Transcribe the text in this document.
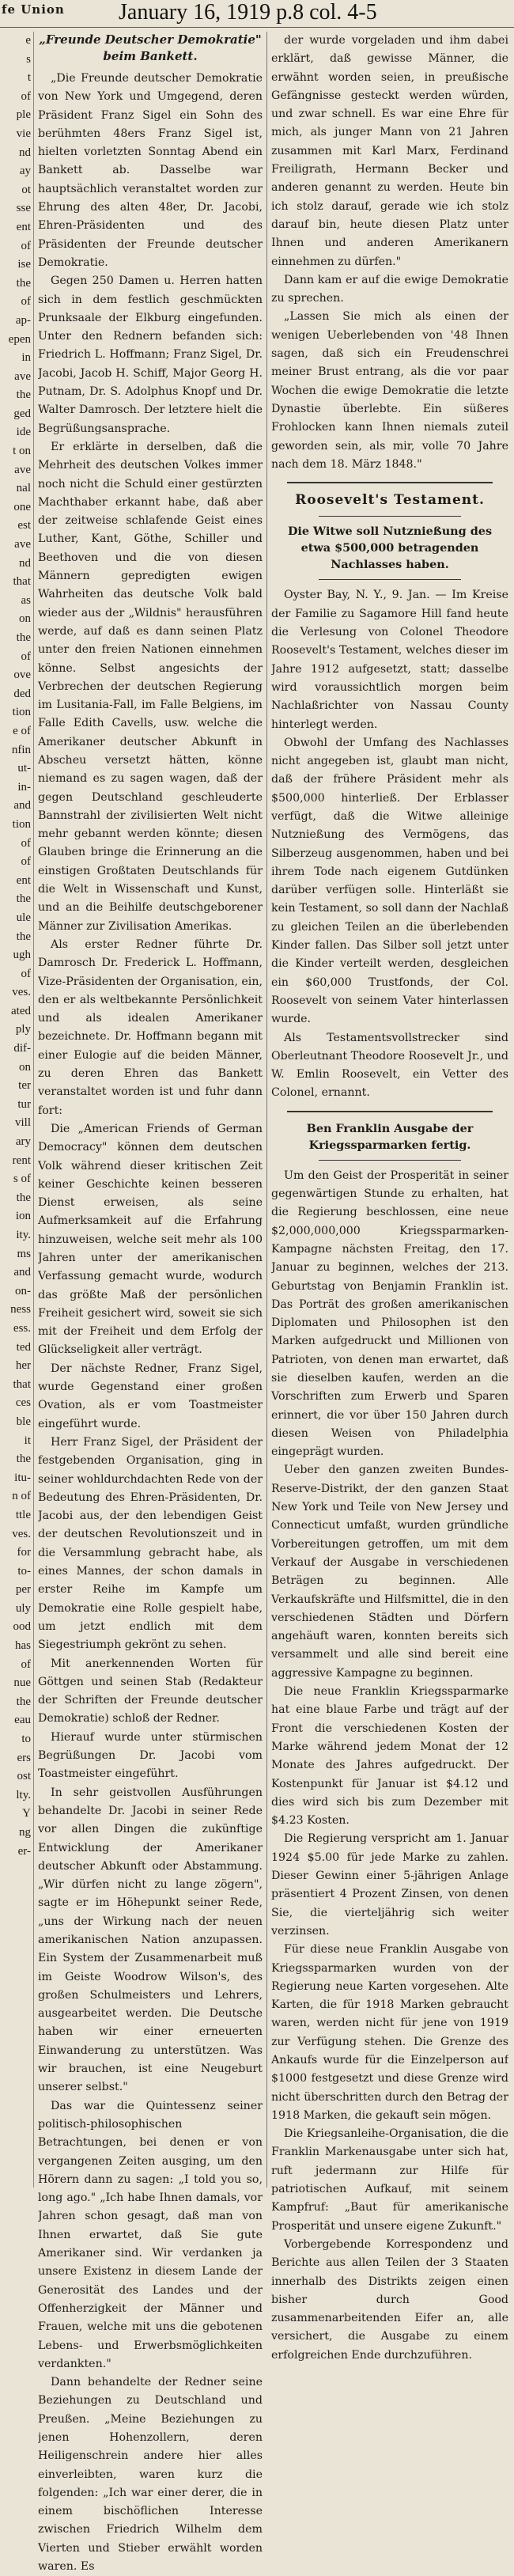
fe Union January 16, 1919 p.8 col. 4-5
e
s
t
of
ple
vie
nd
ay
ot
sse
ent
of
ise
the
of
ap-
epen
in
ave
the
ged
ide
t on
ave
nal
one
est
ave
nd
that
as
on
the
of
ove
ded
tion
e of
nfin
ut-
in-
and
tion
of
of
ent
the
ule
the
ugh
of
ves.
ated
ply
dif-
on
ter
tur
vill
ary
rent
s of
the
ion
ity.
ms
and
on-
ness
ess.
ted
her
that
ces
ble
it
the
itu-
n of
ttle
ves.
for
to-
per
uly
ood
has
of
nue
the
eau
to
ers
ost
lty.
Y
ng
er-
„Freunde Deutscher Demokratie" beim Bankett.

„Die Freunde deutscher Demokratie von New York und Umgegend, deren Präsident Franz Sigel ein Sohn des berühmten 48ers Franz Sigel ist, hielten vorletzten Sonntag Abend ein Bankett ab. Dasselbe war hauptsächlich veranstaltet worden zur Ehrung des alten 48er, Dr. Jacobi, Ehren-Präsidenten und des Präsidenten der Freunde deutscher Demokratie.

Gegen 250 Damen u. Herren hatten sich in dem festlich geschmückten Prunksaale der Elkburg eingefunden. Unter den Rednern befanden sich: Friedrich L. Hoffmann; Franz Sigel, Dr. Jacobi, Jacob H. Schiff, Major Georg H. Putnam, Dr. S. Adolphus Knopf und Dr. Walter Damrosch. Der letztere hielt die Begrüßungsansprache.

Er erklärte in derselben, daß die Mehrheit des deutschen Volkes immer noch nicht die Schuld einer gestürzten Machthaber erkannt habe, daß aber der zeitweise schlafende Geist eines Luther, Kant, Göthe, Schiller und Beethoven und die von diesen Männern gepredigten ewigen Wahrheiten das deutsche Volk bald wieder aus der „Wildnis" herausführen werde, auf daß es dann seinen Platz unter den freien Nationen einnehmen könne. Selbst angesichts der Verbrechen der deutschen Regierung im Lusitania-Fall, im Falle Belgiens, im Falle Edith Cavells, usw. welche die Amerikaner deutscher Abkunft in Abscheu versetzt hätten, könne niemand es zu sagen wagen, daß der gegen Deutschland geschleuderte Bannstrahl der zivilisierten Welt nicht mehr gebannt werden könnte; diesen Glauben bringe die Erinnerung an die einstigen Großtaten Deutschlands für die Welt in Wissenschaft und Kunst, und an die Beihilfe deutschgeborener Männer zur Zivilisation Amerikas.

Als erster Redner führte Dr. Damrosch Dr. Frederick L. Hoffmann, Vize-Präsidenten der Organisation, ein, den er als weltbekannte Persönlichkeit und als idealen Amerikaner bezeichnete. Dr. Hoffmann begann mit einer Eulogie auf die beiden Männer, zu deren Ehren das Bankett veranstaltet worden ist und fuhr dann fort:

Die „American Friends of German Democracy" können dem deutschen Volk während dieser kritischen Zeit keiner Geschichte keinen besseren Dienst erweisen, als seine Aufmerksamkeit auf die Erfahrung hinzuweisen, welche seit mehr als 100 Jahren unter der amerikanischen Verfassung gemacht wurde, wodurch das größte Maß der persönlichen Freiheit gesichert wird, soweit sie sich mit der Freiheit und dem Erfolg der Glückseligkeit aller verträgt.

Der nächste Redner, Franz Sigel, wurde Gegenstand einer großen Ovation, als er vom Toastmeister eingeführt wurde.

Herr Franz Sigel, der Präsident der festgebenden Organisation, ging in seiner wohldurchdachten Rede von der Bedeutung des Ehren-Präsidenten, Dr. Jacobi aus, der den lebendigen Geist der deutschen Revolutionszeit und in die Versammlung gebracht habe, als eines Mannes, der schon damals in erster Reihe im Kampfe um Demokratie eine Rolle gespielt habe, um jetzt endlich mit dem Siegestriumph gekrönt zu sehen.

Mit anerkennenden Worten für Göttgen und seinen Stab (Redakteur der Schriften der Freunde deutscher Demokratie) schloß der Redner.

Hierauf wurde unter stürmischen Begrüßungen Dr. Jacobi vom Toastmeister eingeführt.

In sehr geistvollen Ausführungen behandelte Dr. Jacobi in seiner Rede vor allen Dingen die zukünftige Entwicklung der Amerikaner deutscher Abkunft oder Abstammung. „Wir dürfen nicht zu lange zögern", sagte er im Höhepunkt seiner Rede, „uns der Wirkung nach der neuen amerikanischen Nation anzupassen. Ein System der Zusammenarbeit muß im Geiste Woodrow Wilson's, des großen Schulmeisters und Lehrers, ausgearbeitet werden. Die Deutsche haben wir einer erneuerten Einwanderung zu unterstützen. Was wir brauchen, ist eine Neugeburt unserer selbst."

Das war die Quintessenz seiner politisch-philosophischen Betrachtungen, bei denen er von vergangenen Zeiten ausging, um den Hörern dann zu sagen: „I told you so, long ago." „Ich habe Ihnen damals, vor Jahren schon gesagt, daß man von Ihnen erwartet, daß Sie gute Amerikaner sind. Wir verdanken ja unsere Existenz in diesem Lande der Generosität des Landes und der Offenherzigkeit der Männer und Frauen, welche mit uns die gebotenen Lebens- und Erwerbsmöglichkeiten verdankten."

Dann behandelte der Redner seine Beziehungen zu Deutschland und Preußen. „Meine Beziehungen zu jenen Hohenzollern, deren Heiligenschrein andere hier alles einverleibten, waren kurz die folgenden: „Ich war einer derer, die in einem bischöflichen Interesse zwischen Friedrich Wilhelm dem Vierten und Stieber erwählt worden waren. Es

der wurde vorgeladen und ihm dabei erklärt, daß gewisse Männer, die erwähnt worden seien, in preußische Gefängnisse gesteckt werden würden, und zwar schnell. Es war eine Ehre für mich, als junger Mann von 21 Jahren zusammen mit Karl Marx, Ferdinand Freiligrath, Hermann Becker und anderen genannt zu werden. Heute bin ich stolz darauf, gerade wie ich stolz darauf bin, heute diesen Platz unter Ihnen und anderen Amerikanern einnehmen zu dürfen."

Dann kam er auf die ewige Demokratie zu sprechen.

„Lassen Sie mich als einen der wenigen Ueberlebenden von '48 Ihnen sagen, daß sich ein Freudenschrei meiner Brust entrang, als die vor paar Wochen die ewige Demokratie die letzte Dynastie überlebte. Ein süßeres Frohlocken kann Ihnen niemals zuteil geworden sein, als mir, volle 70 Jahre nach dem 18. März 1848."

Roosevelt's Testament.
Die Witwe soll Nutznießung des etwa $500,000 betragenden Nachlasses haben.

Oyster Bay, N. Y., 9. Jan. — Im Kreise der Familie zu Sagamore Hill fand heute die Verlesung von Colonel Theodore Roosevelt's Testament, welches dieser im Jahre 1912 aufgesetzt, statt; dasselbe wird voraussichtlich morgen beim Nachlaßrichter von Nassau County hinterlegt werden.

Obwohl der Umfang des Nachlasses nicht angegeben ist, glaubt man nicht, daß der frühere Präsident mehr als $500,000 hinterließ. Der Erblasser verfügt, daß die Witwe alleinige Nutznießung des Vermögens, das Silberzeug ausgenommen, haben und bei ihrem Tode nach eigenem Gutdünken darüber verfügen solle. Hinterläßt sie kein Testament, so soll dann der Nachlaß zu gleichen Teilen an die überlebenden Kinder fallen. Das Silber soll jetzt unter die Kinder verteilt werden, desgleichen ein $60,000 Trustfonds, der Col. Roosevelt von seinem Vater hinterlassen wurde.

Als Testamentsvollstrecker sind Oberleutnant Theodore Roosevelt Jr., und W. Emlin Roosevelt, ein Vetter des Colonel, ernannt.

Ben Franklin Ausgabe der Kriegssparmarken fertig.

Um den Geist der Prosperität in seiner gegenwärtigen Stunde zu erhalten, hat die Regierung beschlossen, eine neue $2,000,000,000 Kriegssparmarken-Kampagne nächsten Freitag, den 17. Januar zu beginnen, welches der 213. Geburtstag von Benjamin Franklin ist. Das Porträt des großen amerikanischen Diplomaten und Philosophen ist den Marken aufgedruckt und Millionen von Patrioten, von denen man erwartet, daß sie dieselben kaufen, werden an die Vorschriften zum Erwerb und Sparen erinnert, die vor über 150 Jahren durch diesen Weisen von Philadelphia eingeprägt wurden.

Ueber den ganzen zweiten Bundes-Reserve-Distrikt, der den ganzen Staat New York und Teile von New Jersey und Connecticut umfaßt, wurden gründliche Vorbereitungen getroffen, um mit dem Verkauf der Ausgabe in verschiedenen Beträgen zu beginnen. Alle Verkaufskräfte und Hilfsmittel, die in den verschiedenen Städten und Dörfern angehäuft waren, konnten bereits sich versammelt und alle sind bereit eine aggressive Kampagne zu beginnen.

Die neue Franklin Kriegssparmarke hat eine blaue Farbe und trägt auf der Front die verschiedenen Kosten der Marke während jedem Monat der 12 Monate des Jahres aufgedruckt. Der Kostenpunkt für Januar ist $4.12 und dies wird sich bis zum Dezember mit $4.23 Kosten.

Die Regierung verspricht am 1. Januar 1924 $5.00 für jede Marke zu zahlen. Dieser Gewinn einer 5-jährigen Anlage präsentiert 4 Prozent Zinsen, von denen Sie, die vierteljährig sich weiter verzinsen.

Für diese neue Franklin Ausgabe von Kriegssparmarken wurden von der Regierung neue Karten vorgesehen. Alte Karten, die für 1918 Marken gebraucht waren, werden nicht für jene von 1919 zur Verfügung stehen. Die Grenze des Ankaufs wurde für die Einzelperson auf $1000 festgesetzt und diese Grenze wird nicht überschritten durch den Betrag der 1918 Marken, die gekauft sein mögen.

Die Kriegsanleihe-Organisation, die die Franklin Markenausgabe unter sich hat, ruft jedermann zur Hilfe für patriotischen Aufkauf, mit seinem Kampfruf: „Baut für amerikanische Prosperität und unsere eigene Zukunft."

Vorbergebende Korrespondenz und Berichte aus allen Teilen der 3 Staaten innerhalb des Distrikts zeigen einen bisher durch Good zusammenarbeitenden Eifer an, alle versichert, die Ausgabe zu einem erfolgreichen Ende durchzuführen.
